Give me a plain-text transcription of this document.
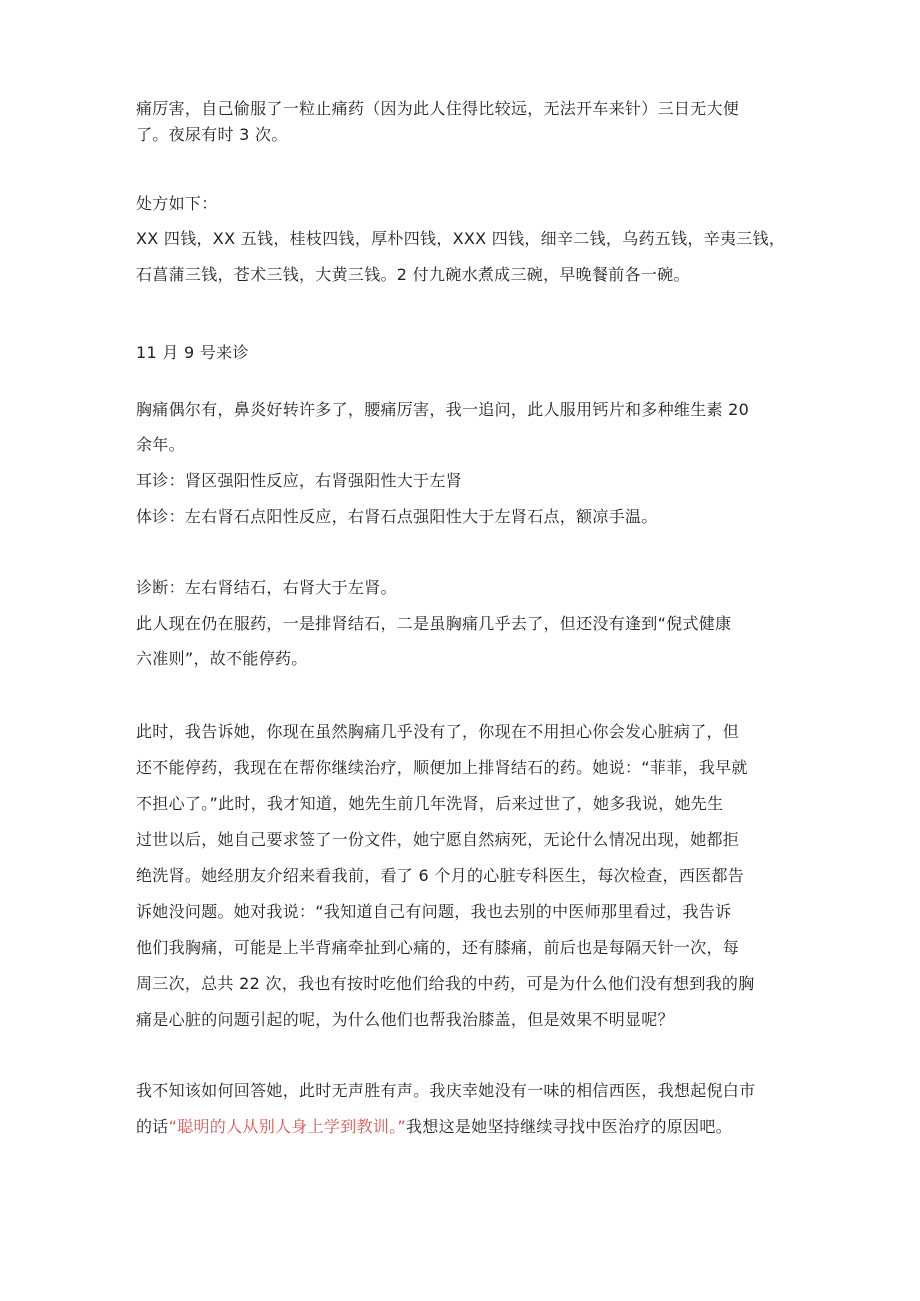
痛厉害，自己偷服了一粒止痛药（因为此人住得比较远，无法开车来针）三日无大便

了。夜尿有时 3 次。

处方如下：

XX 四钱，XX 五钱，桂枝四钱，厚朴四钱，XXX 四钱，细辛二钱，乌药五钱，辛夷三钱，

石菖蒲三钱，苍术三钱，大黄三钱。2 付九碗水煮成三碗，早晚餐前各一碗。

11 月 9 号来诊

胸痛偶尔有，鼻炎好转许多了，腰痛厉害，我一追问，此人服用钙片和多种维生素 20

余年。

耳诊：肾区强阳性反应，右肾强阳性大于左肾

体诊：左右肾石点阳性反应，右肾石点强阳性大于左肾石点，额凉手温。

诊断：左右肾结石，右肾大于左肾。

此人现在仍在服药，一是排肾结石，二是虽胸痛几乎去了，但还没有逢到“倪式健康

六准则”，故不能停药。

此时，我告诉她，你现在虽然胸痛几乎没有了，你现在不用担心你会发心脏病了，但

还不能停药，我现在在帮你继续治疗，顺便加上排肾结石的药。她说：“菲菲，我早就

不担心了。”此时，我才知道，她先生前几年洗肾，后来过世了，她多我说，她先生

过世以后，她自己要求签了一份文件，她宁愿自然病死，无论什么情况出现，她都拒

绝洗肾。她经朋友介绍来看我前，看了 6 个月的心脏专科医生，每次检查，西医都告

诉她没问题。她对我说：“我知道自己有问题，我也去别的中医师那里看过，我告诉

他们我胸痛，可能是上半背痛牵扯到心痛的，还有膝痛，前后也是每隔天针一次，每

周三次，总共 22 次，我也有按时吃他们给我的中药，可是为什么他们没有想到我的胸

痛是心脏的问题引起的呢，为什么他们也帮我治膝盖，但是效果不明显呢？

我不知该如何回答她，此时无声胜有声。我庆幸她没有一味的相信西医，我想起倪白市

的话“聪明的人从别人身上学到教训。”我想这是她坚持继续寻找中医治疗的原因吧。
